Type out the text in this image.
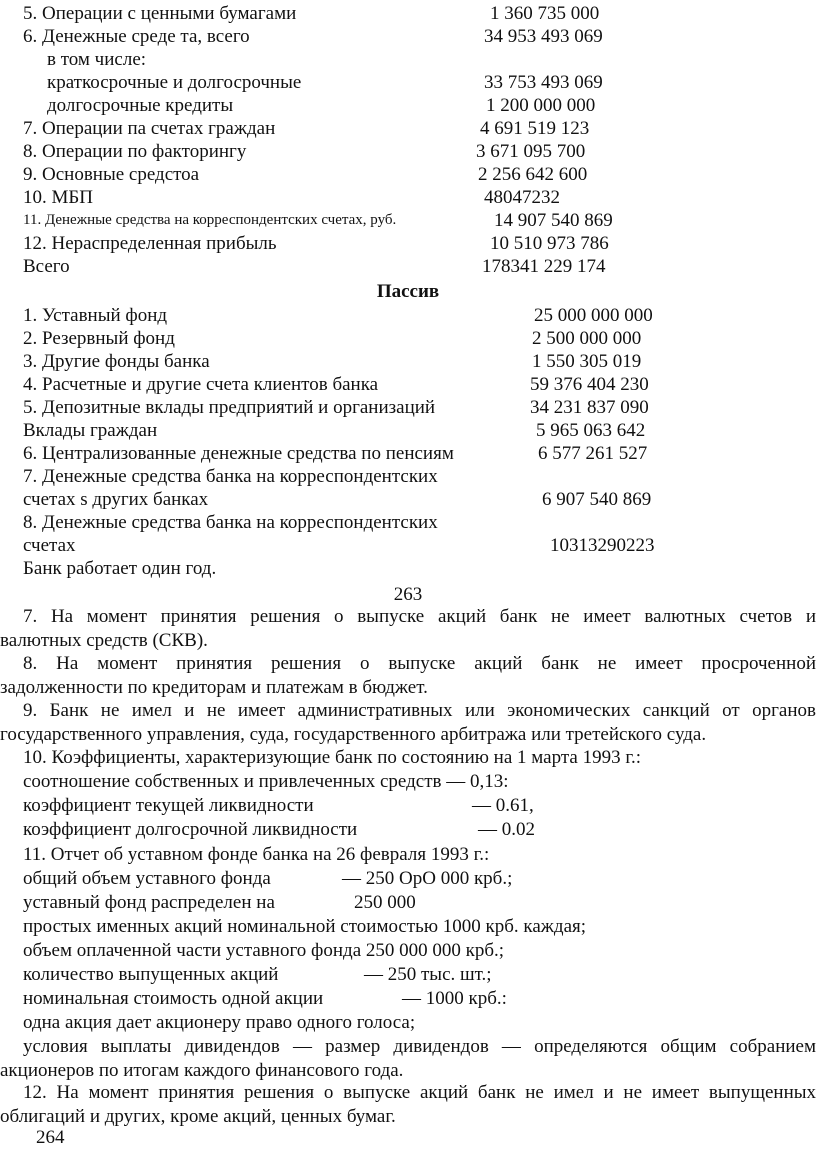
5. Операции с ценными бумагами	1 360 735 000
6. Денежные среде та, всего	34 953 493 069
в том числе:
краткосрочные и долгосрочные	33 753 493 069
долгосрочные кредиты	1 200 000 000
7. Операции па счетах граждан	4 691 519 123
8. Операции по факторингу	3 671 095 700
9. Основные средстоа	2 256 642 600
10. МБП	48047232
11. Денежные средства на корреспондентских счетах, руб.	14 907 540 869
12. Нераспределенная прибыль	10 510 973 786
Всего	178341 229 174
Пассив
1. Уставный фонд	25 000 000 000
2. Резервный фонд	2 500 000 000
3. Другие фонды банка	1 550 305 019
4. Расчетные и другие счета клиентов банка	59 376 404 230
5. Депозитные вклады предприятий и организаций	34 231 837 090
Вклады граждан	5 965 063 642
6. Централизованные денежные средства по пенсиям	6 577 261 527
7. Денежные средства банка на корреспондентских
счетах s других банках	6 907 540 869
8. Денежные средства банка на корреспондентских
счетах	10313290223
Банк работает один год.
263
7. На момент принятия решения о выпуске акций банк не имеет валютных счетов и
валютных средств (СКВ).
8. На момент принятия решения о выпуске акций банк не имеет просроченной
задолженности по кредиторам и платежам в бюджет.
9. Банк не имел и не имеет административных или экономических санкций от органов
государственного управления, суда, государственного арбитража или третейского суда.
10. Коэффициенты, характеризующие банк по состоянию на 1 марта 1993 г.:
соотношение собственных и привлеченных средств — 0,13:
коэффициент текущей ликвидности	— 0.61,
коэффициент долгосрочной ликвидности	— 0.02
11. Отчет об уставном фонде банка на 26 февраля 1993 г.:
общий объем уставного фонда	— 250 ОрО 000 крб.;
уставный фонд распределен на	250 000
простых именных акций номинальной стоимостью 1000 крб. каждая;
объем оплаченной части уставного фонда 250 000 000 крб.;
количество выпущенных акций	— 250 тыс. шт.;
номинальная стоимость одной акции	— 1000 крб.:
одна акция дает акционеру право одного голоса;
условия выплаты дивидендов — размер дивидендов — определяются общим собранием
акционеров по итогам каждого финансового года.
12. На момент принятия решения о выпуске акций банк не имел и не имеет выпущенных
облигаций и других, кроме акций, ценных бумаг.
264
